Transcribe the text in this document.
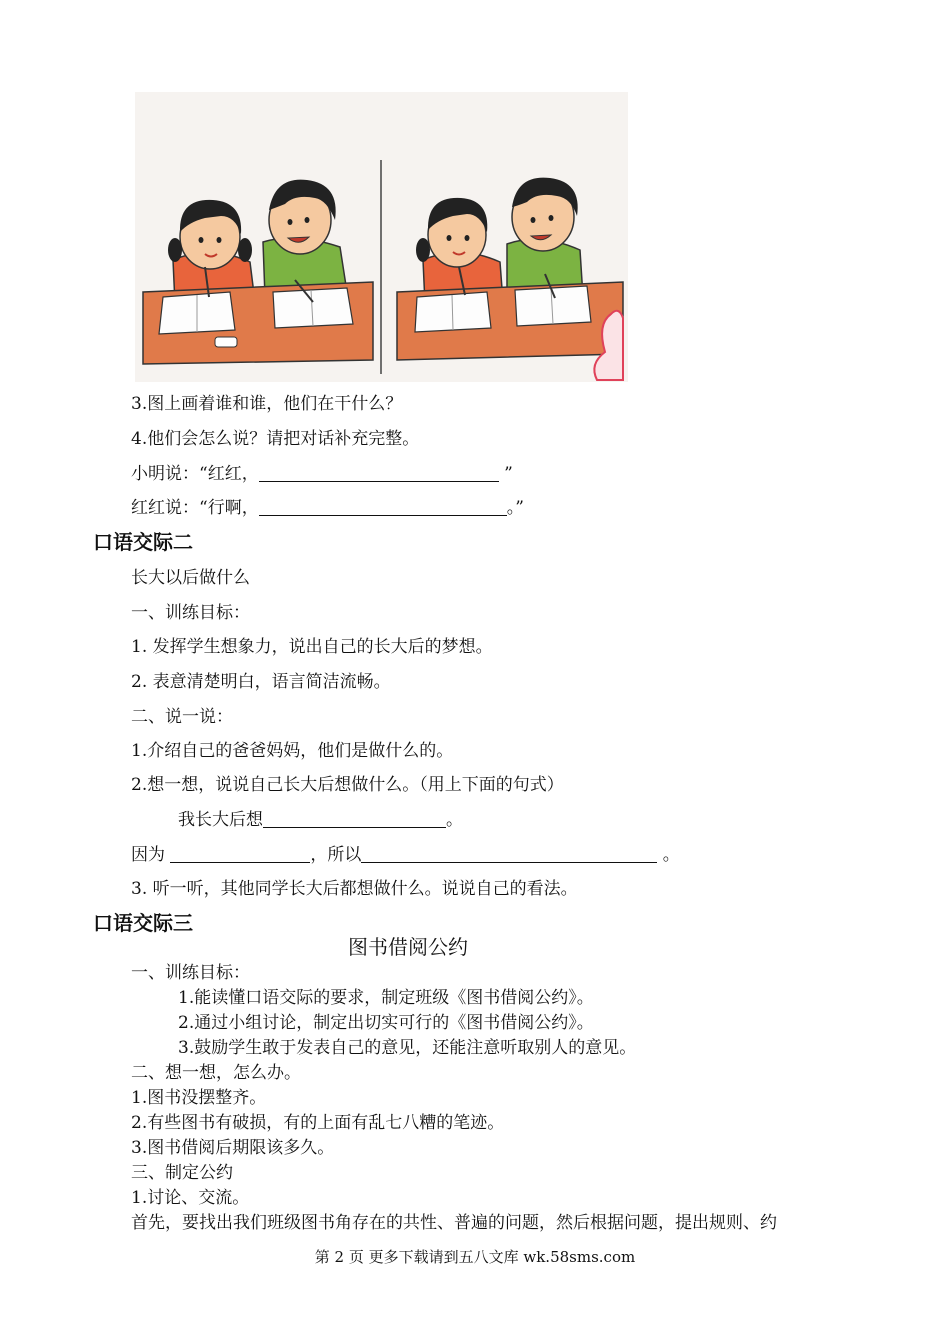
3.图上画着谁和谁，他们在干什么？
4.他们会怎么说？请把对话补充完整。
小明说：“红红，	”
红红说：“行啊，	。”
口语交际二
长大以后做什么
一、训练目标：
1. 发挥学生想象力，说出自己的长大后的梦想。
2. 表意清楚明白，语言简洁流畅。
二、说一说：
1.介绍自己的爸爸妈妈，他们是做什么的。
2.想一想，说说自己长大后想做什么。（用上下面的句式）
我长大后想	。
因为	，所以	。
3. 听一听，其他同学长大后都想做什么。说说自己的看法。
口语交际三
图书借阅公约
一、训练目标：
1.能读懂口语交际的要求，制定班级《图书借阅公约》。
2.通过小组讨论，制定出切实可行的《图书借阅公约》。
3.鼓励学生敢于发表自己的意见，还能注意听取别人的意见。
二、想一想，怎么办。
1.图书没摆整齐。
2.有些图书有破损，有的上面有乱七八糟的笔迹。
3.图书借阅后期限该多久。
三、制定公约
1.讨论、交流。
首先，要找出我们班级图书角存在的共性、普遍的问题，然后根据问题，提出规则、约
第 2 页 更多下载请到五八文库 wk.58sms.com
